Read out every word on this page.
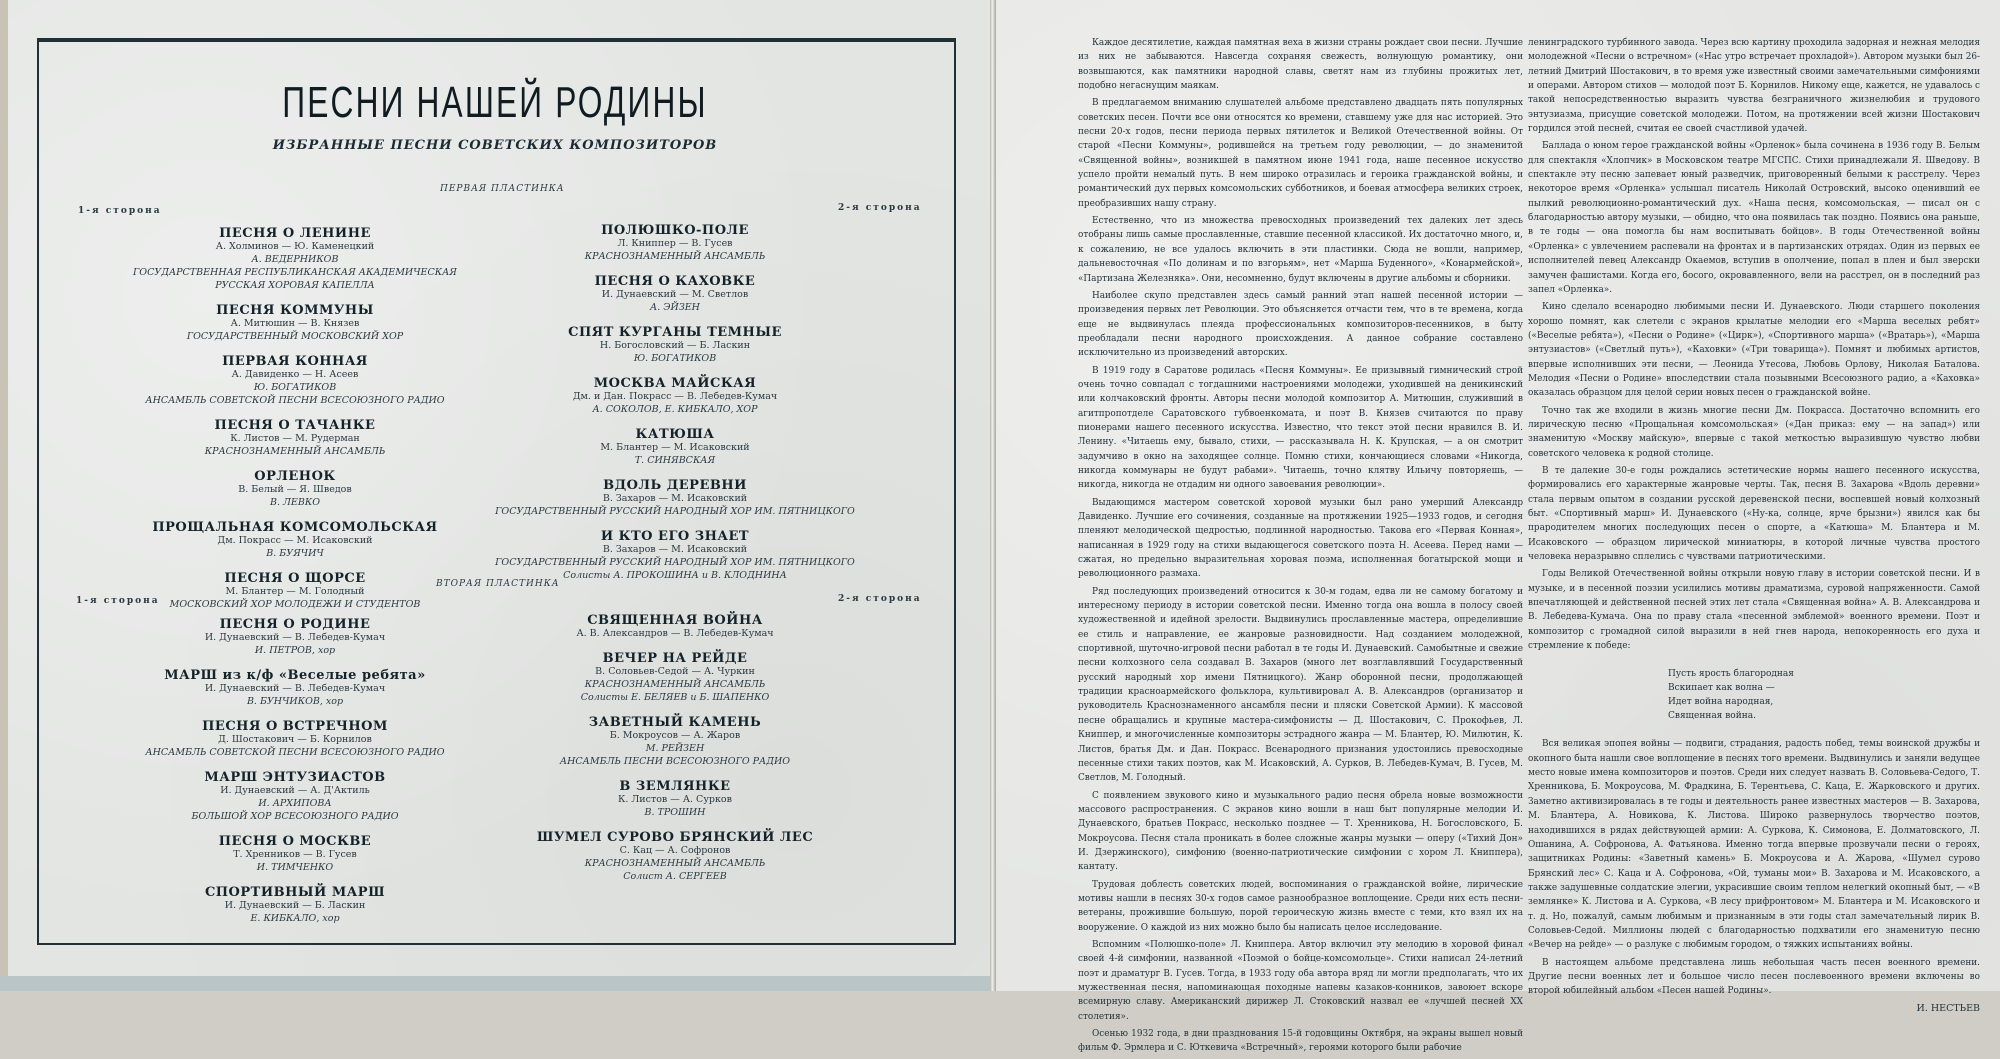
ПЕСНИ НАШЕЙ РОДИНЫ
ИЗБРАННЫЕ ПЕСНИ СОВЕТСКИХ КОМПОЗИТОРОВ
ПЕРВАЯ ПЛАСТИНКА
1-я сторона	2-я сторона
ПЕСНЯ О ЛЕНИНЕ
А. Холминов — Ю. Каменецкий
А. ВЕДЕРНИКОВ
ГОСУДАРСТВЕННАЯ РЕСПУБЛИКАНСКАЯ АКАДЕМИЧЕСКАЯ
РУССКАЯ ХОРОВАЯ КАПЕЛЛА
ПЕСНЯ КОММУНЫ
А. Митюшин — В. Князев
ГОСУДАРСТВЕННЫЙ МОСКОВСКИЙ ХОР
ПЕРВАЯ КОННАЯ
А. Давиденко — Н. Асеев
Ю. БОГАТИКОВ
АНСАМБЛЬ СОВЕТСКОЙ ПЕСНИ ВСЕСОЮЗНОГО РАДИО
ПЕСНЯ О ТАЧАНКЕ
К. Листов — М. Рудерман
КРАСНОЗНАМЕННЫЙ АНСАМБЛЬ
ОРЛЕНОК
В. Белый — Я. Шведов
В. ЛЕВКО
ПРОЩАЛЬНАЯ КОМСОМОЛЬСКАЯ
Дм. Покрасс — М. Исаковский
В. БУЯЧИЧ
ПЕСНЯ О ЩОРСЕ
М. Блантер — М. Голодный
МОСКОВСКИЙ ХОР МОЛОДЕЖИ И СТУДЕНТОВ
ПОЛЮШКО-ПОЛЕ
Л. Книппер — В. Гусев
КРАСНОЗНАМЕННЫЙ АНСАМБЛЬ
ПЕСНЯ О КАХОВКЕ
И. Дунаевский — М. Светлов
А. ЭЙЗЕН
СПЯТ КУРГАНЫ ТЕМНЫЕ
Н. Богословский — Б. Ласкин
Ю. БОГАТИКОВ
МОСКВА МАЙСКАЯ
Дм. и Дан. Покрасс — В. Лебедев-Кумач
А. СОКОЛОВ, Е. КИБКАЛО, ХОР
КАТЮША
М. Блантер — М. Исаковский
Т. СИНЯВСКАЯ
ВДОЛЬ ДЕРЕВНИ
В. Захаров — М. Исаковский
ГОСУДАРСТВЕННЫЙ РУССКИЙ НАРОДНЫЙ ХОР ИМ. ПЯТНИЦКОГО
И КТО ЕГО ЗНАЕТ
В. Захаров — М. Исаковский
ГОСУДАРСТВЕННЫЙ РУССКИЙ НАРОДНЫЙ ХОР ИМ. ПЯТНИЦКОГО
Солисты А. ПРОКОШИНА и В. КЛОДНИНА
ВТОРАЯ ПЛАСТИНКА
1-я сторона	2-я сторона
ПЕСНЯ О РОДИНЕ
И. Дунаевский — В. Лебедев-Кумач
И. ПЕТРОВ, хор
МАРШ из к/ф «Веселые ребята»
И. Дунаевский — В. Лебедев-Кумач
В. БУНЧИКОВ, хор
ПЕСНЯ О ВСТРЕЧНОМ
Д. Шостакович — Б. Корнилов
АНСАМБЛЬ СОВЕТСКОЙ ПЕСНИ ВСЕСОЮЗНОГО РАДИО
МАРШ ЭНТУЗИАСТОВ
И. Дунаевский — А. Д'Актиль
И. АРХИПОВА
БОЛЬШОЙ ХОР ВСЕСОЮЗНОГО РАДИО
ПЕСНЯ О МОСКВЕ
Т. Хренников — В. Гусев
И. ТИМЧЕНКО
СПОРТИВНЫЙ МАРШ
И. Дунаевский — Б. Ласкин
Е. КИБКАЛО, хор
СВЯЩЕННАЯ ВОЙНА
А. В. Александров — В. Лебедев-Кумач
ВЕЧЕР НА РЕЙДЕ
В. Соловьев-Седой — А. Чуркин
КРАСНОЗНАМЕННЫЙ АНСАМБЛЬ
Солисты Е. БЕЛЯЕВ и Б. ШАПЕНКО
ЗАВЕТНЫЙ КАМЕНЬ
Б. Мокроусов — А. Жаров
М. РЕЙЗЕН
АНСАМБЛЬ ПЕСНИ ВСЕСОЮЗНОГО РАДИО
В ЗЕМЛЯНКЕ
К. Листов — А. Сурков
В. ТРОШИН
ШУМЕЛ СУРОВО БРЯНСКИЙ ЛЕС
С. Кац — А. Софронов
КРАСНОЗНАМЕННЫЙ АНСАМБЛЬ
Солист А. СЕРГЕЕВ

Каждое десятилетие, каждая памятная веха в жизни страны рождает свои песни. Лучшие из них не забываются. Навсегда сохраняя свежесть, волнующую романтику, они возвышаются, как памятники народной славы, светят нам из глубины прожитых лет, подобно негаснущим маякам.

В предлагаемом вниманию слушателей альбоме представлено двадцать пять популярных советских песен. Почти все они относятся ко времени, ставшему уже для нас историей. Это песни 20-х годов, песни периода первых пятилеток и Великой Отечественной войны. От старой «Песни Коммуны», родившейся на третьем году революции, — до знаменитой «Священной войны», возникшей в памятном июне 1941 года, наше песенное искусство успело пройти немалый путь. В нем широко отразилась и героика гражданской войны, и романтический дух первых комсомольских субботников, и боевая атмосфера великих строек, преобразивших нашу страну.

Естественно, что из множества превосходных произведений тех далеких лет здесь отобраны лишь самые прославленные, ставшие песенной классикой. Их достаточно много, и, к сожалению, не все удалось включить в эти пластинки. Сюда не вошли, например, дальневосточная «По долинам и по взгорьям», нет «Марша Буденного», «Конармейской», «Партизана Железняка». Они, несомненно, будут включены в другие альбомы и сборники.

Наиболее скупо представлен здесь самый ранний этап нашей песенной истории — произведения первых лет Революции. Это объясняется отчасти тем, что в те времена, когда еще не выдвинулась плеяда профессиональных композиторов-песенников, в быту преобладали песни народного происхождения. А данное собрание составлено исключительно из произведений авторских.

В 1919 году в Саратове родилась «Песня Коммуны». Ее призывный гимнический строй очень точно совпадал с тогдашними настроениями молодежи, уходившей на деникинский или колчаковский фронты. Авторы песни молодой композитор А. Митюшин, служивший в агитпропотделе Саратовского губвоенкомата, и поэт В. Князев считаются по праву пионерами нашего песенного искусства. Известно, что текст этой песни нравился В. И. Ленину. «Читаешь ему, бывало, стихи, — рассказывала Н. К. Крупская, — а он смотрит задумчиво в окно на заходящее солнце. Помню стихи, кончающиеся словами «Никогда, никогда коммунары не будут рабами». Читаешь, точно клятву Ильичу повторяешь, — никогда, никогда не отдадим ни одного завоевания революции».

Выдающимся мастером советской хоровой музыки был рано умерший Александр Давиденко. Лучшие его сочинения, созданные на протяжении 1925—1933 годов, и сегодня пленяют мелодической щедростью, подлинной народностью. Такова его «Первая Конная», написанная в 1929 году на стихи выдающегося советского поэта Н. Асеева. Перед нами — сжатая, но предельно выразительная хоровая поэма, исполненная богатырской мощи и революционного размаха.

Ряд последующих произведений относится к 30-м годам, едва ли не самому богатому и интересному периоду в истории советской песни. Именно тогда она вошла в полосу своей художественной и идейной зрелости. Выдвинулись прославленные мастера, определившие ее стиль и направление, ее жанровые разновидности. Над созданием молодежной, спортивной, шуточно-игровой песни работал в те годы И. Дунаевский. Самобытные и свежие песни колхозного села создавал В. Захаров (много лет возглавлявший Государственный русский народный хор имени Пятницкого). Жанр оборонной песни, продолжающей традиции красноармейского фольклора, культивировал А. В. Александров (организатор и руководитель Краснознаменного ансамбля песни и пляски Советской Армии). К массовой песне обращались и крупные мастера-симфонисты — Д. Шостакович, С. Прокофьев, Л. Книппер, и многочисленные композиторы эстрадного жанра — М. Блантер, Ю. Милютин, К. Листов, братья Дм. и Дан. Покрасс. Всенародного признания удостоились превосходные песенные стихи таких поэтов, как М. Исаковский, А. Сурков, В. Лебедев-Кумач, В. Гусев, М. Светлов, М. Голодный.

С появлением звукового кино и музыкального радио песня обрела новые возможности массового распространения. С экранов кино вошли в наш быт популярные мелодии И. Дунаевского, братьев Покрасс, несколько позднее — Т. Хренникова, Н. Богословского, Б. Мокроусова. Песня стала проникать в более сложные жанры музыки — оперу («Тихий Дон» И. Дзержинского), симфонию (военно-патриотические симфонии с хором Л. Книппера), кантату.

Трудовая доблесть советских людей, воспоминания о гражданской войне, лирические мотивы нашли в песнях 30-х годов самое разнообразное воплощение. Среди них есть песни-ветераны, прожившие большую, порой героическую жизнь вместе с теми, кто взял их на вооружение. О каждой из них можно было бы написать целое исследование.

Вспомним «Полюшко-поле» Л. Книппера. Автор включил эту мелодию в хоровой финал своей 4-й симфонии, названной «Поэмой о бойце-комсомольце». Стихи написал 24-летний поэт и драматург В. Гусев. Тогда, в 1933 году оба автора вряд ли могли предполагать, что их мужественная песня, напоминающая походные напевы казаков-конников, завоюет вскоре всемирную славу. Американский дирижер Л. Стоковский назвал ее «лучшей песней XX столетия».

Осенью 1932 года, в дни празднования 15-й годовщины Октября, на экраны вышел новый фильм Ф. Эрмлера и С. Юткевича «Встречный», героями которого были рабочие

ленинградского турбинного завода. Через всю картину проходила задорная и нежная мелодия молодежной «Песни о встречном» («Нас утро встречает прохладой»). Автором музыки был 26-летний Дмитрий Шостакович, в то время уже известный своими замечательными симфониями и операми. Автором стихов — молодой поэт Б. Корнилов. Никому еще, кажется, не удавалось с такой непосредственностью выразить чувства безграничного жизнелюбия и трудового энтузиазма, присущие советской молодежи. Потом, на протяжении всей жизни Шостакович гордился этой песней, считая ее своей счастливой удачей.

Баллада о юном герое гражданской войны «Орленок» была сочинена в 1936 году В. Белым для спектакля «Хлопчик» в Московском театре МГСПС. Стихи принадлежали Я. Шведову. В спектакле эту песню запевает юный разведчик, приговоренный белыми к расстрелу. Через некоторое время «Орленка» услышал писатель Николай Островский, высоко оценивший ее пылкий революционно-романтический дух. «Наша песня, комсомольская, — писал он с благодарностью автору музыки, — обидно, что она появилась так поздно. Появись она раньше, в те годы — она помогла бы нам воспитывать бойцов». В годы Отечественной войны «Орленка» с увлечением распевали на фронтах и в партизанских отрядах. Один из первых ее исполнителей певец Александр Окаемов, вступив в ополчение, попал в плен и был зверски замучен фашистами. Когда его, босого, окровавленного, вели на расстрел, он в последний раз запел «Орленка».

Кино сделало всенародно любимыми песни И. Дунаевского. Люди старшего поколения хорошо помнят, как слетели с экранов крылатые мелодии его «Марша веселых ребят» («Веселые ребята»), «Песни о Родине» («Цирк»), «Спортивного марша» («Вратарь»), «Марша энтузиастов» («Светлый путь»), «Каховки» («Три товарища»). Помнят и любимых артистов, впервые исполнивших эти песни, — Леонида Утесова, Любовь Орлову, Николая Баталова. Мелодия «Песни о Родине» впоследствии стала позывными Всесоюзного радио, а «Каховка» оказалась образцом для целой серии новых песен о гражданской войне.

Точно так же входили в жизнь многие песни Дм. Покрасса. Достаточно вспомнить его лирическую песню «Прощальная комсомольская» («Дан приказ: ему — на запад») или знаменитую «Москву майскую», впервые с такой меткостью выразившую чувство любви советского человека к родной столице.

В те далекие 30-е годы рождались эстетические нормы нашего песенного искусства, формировались его характерные жанровые черты. Так, песня В. Захарова «Вдоль деревни» стала первым опытом в создании русской деревенской песни, воспевшей новый колхозный быт. «Спортивный марш» И. Дунаевского («Ну-ка, солнце, ярче брызни») явился как бы прародителем многих последующих песен о спорте, а «Катюша» М. Блантера и М. Исаковского — образцом лирической миниатюры, в которой личные чувства простого человека неразрывно сплелись с чувствами патриотическими.

Годы Великой Отечественной войны открыли новую главу в истории советской песни. И в музыке, и в песенной поэзии усилились мотивы драматизма, суровой напряженности. Самой впечатляющей и действенной песней этих лет стала «Священная война» А. В. Александрова и В. Лебедева-Кумача. Она по праву стала «песенной эмблемой» военного времени. Поэт и композитор с громадной силой выразили в ней гнев народа, непокоренность его духа и стремление к победе:

Пусть ярость благородная
Вскипает как волна —
Идет война народная,
Священная война.

Вся великая эпопея войны — подвиги, страдания, радость побед, темы воинской дружбы и окопного быта нашли свое воплощение в песнях того времени. Выдвинулись и заняли ведущее место новые имена композиторов и поэтов. Среди них следует назвать В. Соловьева-Седого, Т. Хренникова, Б. Мокроусова, М. Фрадкина, Б. Терентьева, С. Каца, Е. Жарковского и других. Заметно активизировалась в те годы и деятельность ранее известных мастеров — В. Захарова, М. Блантера, А. Новикова, К. Листова. Широко развернулось творчество поэтов, находившихся в рядах действующей армии: А. Суркова, К. Симонова, Е. Долматовского, Л. Ошанина, А. Софронова, А. Фатьянова. Именно тогда впервые прозвучали песни о героях, защитниках Родины: «Заветный камень» Б. Мокроусова и А. Жарова, «Шумел сурово Брянский лес» С. Каца и А. Софронова, «Ой, туманы мои» В. Захарова и М. Исаковского, а также задушевные солдатские элегии, украсившие своим теплом нелегкий окопный быт, — «В землянке» К. Листова и А. Суркова, «В лесу прифронтовом» М. Блантера и М. Исаковского и т. д. Но, пожалуй, самым любимым и признанным в эти годы стал замечательный лирик В. Соловьев-Седой. Миллионы людей с благодарностью подхватили его знаменитую песню «Вечер на рейде» — о разлуке с любимым городом, о тяжких испытаниях войны.

В настоящем альбоме представлена лишь небольшая часть песен военного времени. Другие песни военных лет и большое число песен послевоенного времени включены во второй юбилейный альбом «Песен нашей Родины».

И. НЕСТЬЕВ
